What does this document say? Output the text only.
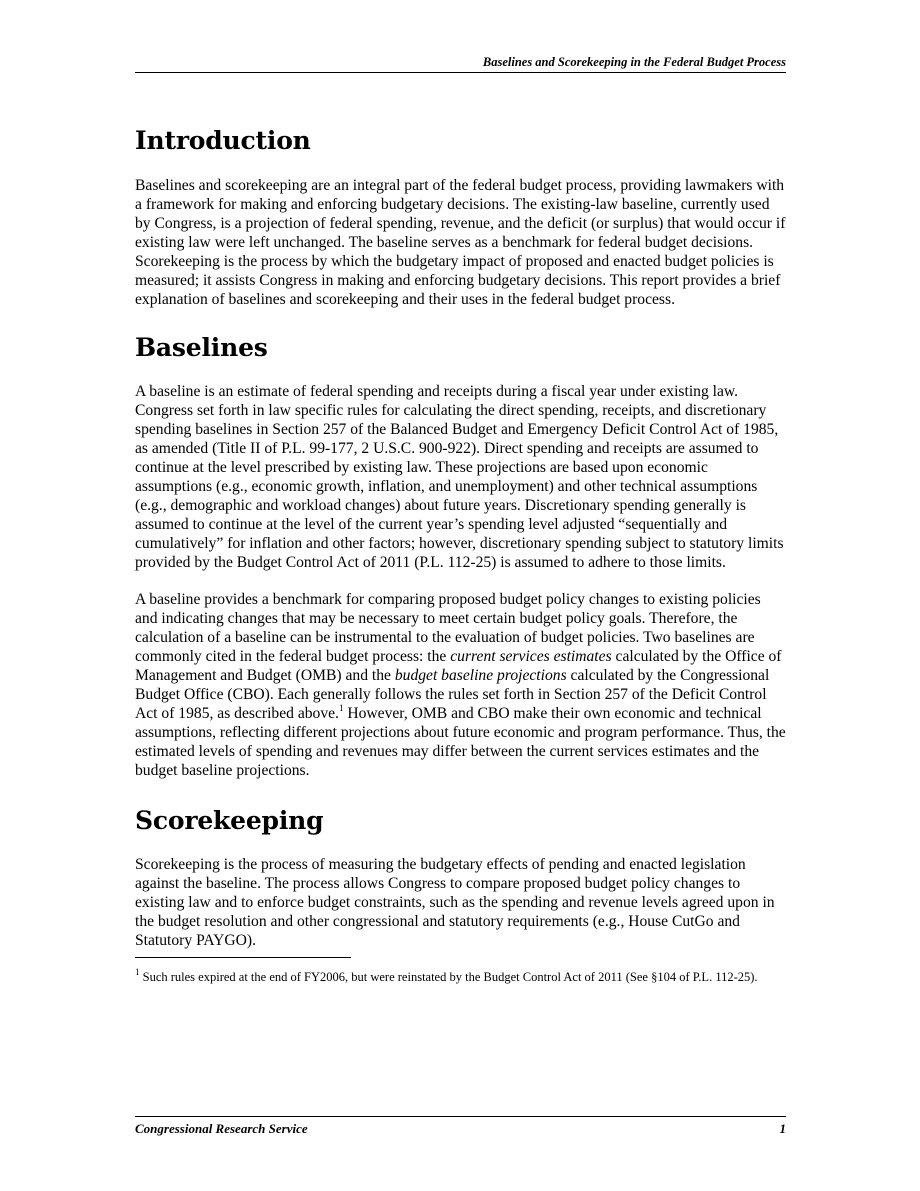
Baselines and Scorekeeping in the Federal Budget Process
Introduction

Baselines and scorekeeping are an integral part of the federal budget process, providing lawmakers with a framework for making and enforcing budgetary decisions. The existing-law baseline, currently used by Congress, is a projection of federal spending, revenue, and the deficit (or surplus) that would occur if existing law were left unchanged. The baseline serves as a benchmark for federal budget decisions. Scorekeeping is the process by which the budgetary impact of proposed and enacted budget policies is measured; it assists Congress in making and enforcing budgetary decisions. This report provides a brief explanation of baselines and scorekeeping and their uses in the federal budget process.

Baselines

A baseline is an estimate of federal spending and receipts during a fiscal year under existing law. Congress set forth in law specific rules for calculating the direct spending, receipts, and discretionary spending baselines in Section 257 of the Balanced Budget and Emergency Deficit Control Act of 1985, as amended (Title II of P.L. 99-177, 2 U.S.C. 900-922). Direct spending and receipts are assumed to continue at the level prescribed by existing law. These projections are based upon economic assumptions (e.g., economic growth, inflation, and unemployment) and other technical assumptions (e.g., demographic and workload changes) about future years. Discretionary spending generally is assumed to continue at the level of the current year’s spending level adjusted “sequentially and cumulatively” for inflation and other factors; however, discretionary spending subject to statutory limits provided by the Budget Control Act of 2011 (P.L. 112-25) is assumed to adhere to those limits.

A baseline provides a benchmark for comparing proposed budget policy changes to existing policies and indicating changes that may be necessary to meet certain budget policy goals. Therefore, the calculation of a baseline can be instrumental to the evaluation of budget policies. Two baselines are commonly cited in the federal budget process: the current services estimates calculated by the Office of Management and Budget (OMB) and the budget baseline projections calculated by the Congressional Budget Office (CBO). Each generally follows the rules set forth in Section 257 of the Deficit Control Act of 1985, as described above.$^1$ However, OMB and CBO make their own economic and technical assumptions, reflecting different projections about future economic and program performance. Thus, the estimated levels of spending and revenues may differ between the current services estimates and the budget baseline projections.

Scorekeeping

Scorekeeping is the process of measuring the budgetary effects of pending and enacted legislation against the baseline. The process allows Congress to compare proposed budget policy changes to existing law and to enforce budget constraints, such as the spending and revenue levels agreed upon in the budget resolution and other congressional and statutory requirements (e.g., House CutGo and Statutory PAYGO).

$^1$ Such rules expired at the end of FY2006, but were reinstated by the Budget Control Act of 2011 (See §104 of P.L. 112-25).

Congressional Research Service	1
